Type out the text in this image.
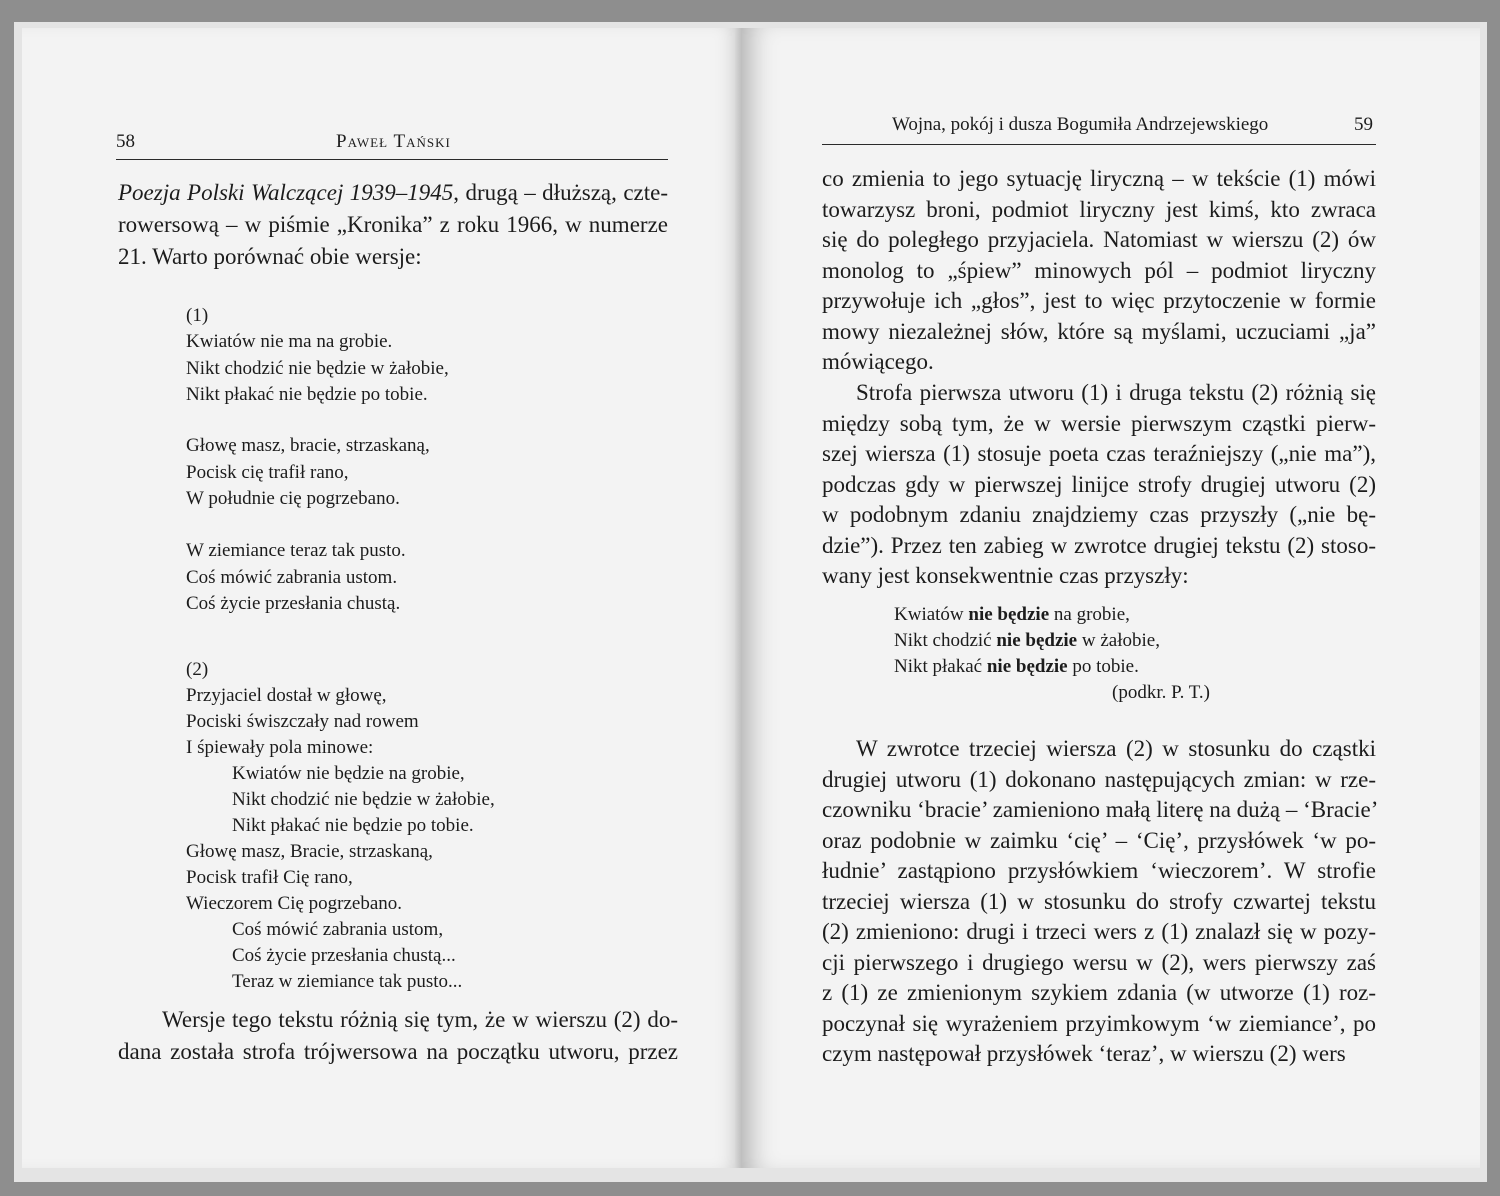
58	Paweł Tański
Poezja Polski Walczącej 1939–1945, drugą – dłuższą, czte-
rowersową – w piśmie „Kronika” z roku 1966, w numerze
21. Warto porównać obie wersje:
(1)
Kwiatów nie ma na grobie.
Nikt chodzić nie będzie w żałobie,
Nikt płakać nie będzie po tobie.
Głowę masz, bracie, strzaskaną,
Pocisk cię trafił rano,
W południe cię pogrzebano.
W ziemiance teraz tak pusto.
Coś mówić zabrania ustom.
Coś życie przesłania chustą.
(2)
Przyjaciel dostał w głowę,
Pociski świszczały nad rowem
I śpiewały pola minowe:
Kwiatów nie będzie na grobie,
Nikt chodzić nie będzie w żałobie,
Nikt płakać nie będzie po tobie.
Głowę masz, Bracie, strzaskaną,
Pocisk trafił Cię rano,
Wieczorem Cię pogrzebano.
Coś mówić zabrania ustom,
Coś życie przesłania chustą...
Teraz w ziemiance tak pusto...
Wersje tego tekstu różnią się tym, że w wierszu (2) do-
dana została strofa trójwersowa na początku utworu, przez
Wojna, pokój i dusza Bogumiła Andrzejewskiego	59
co zmienia to jego sytuację liryczną – w tekście (1) mówi
towarzysz broni, podmiot liryczny jest kimś, kto zwraca
się do poległego przyjaciela. Natomiast w wierszu (2) ów
monolog to „śpiew” minowych pól – podmiot liryczny
przywołuje ich „głos”, jest to więc przytoczenie w formie
mowy niezależnej słów, które są myślami, uczuciami „ja”
mówiącego.
Strofa pierwsza utworu (1) i druga tekstu (2) różnią się
między sobą tym, że w wersie pierwszym cząstki pierw-
szej wiersza (1) stosuje poeta czas teraźniejszy („nie ma”),
podczas gdy w pierwszej linijce strofy drugiej utworu (2)
w podobnym zdaniu znajdziemy czas przyszły („nie bę-
dzie”). Przez ten zabieg w zwrotce drugiej tekstu (2) stoso-
wany jest konsekwentnie czas przyszły:
Kwiatów nie będzie na grobie,
Nikt chodzić nie będzie w żałobie,
Nikt płakać nie będzie po tobie.
(podkr. P. T.)
W zwrotce trzeciej wiersza (2) w stosunku do cząstki
drugiej utworu (1) dokonano następujących zmian: w rze-
czowniku ‘bracie’ zamieniono małą literę na dużą – ‘Bracie’
oraz podobnie w zaimku ‘cię’ – ‘Cię’, przysłówek ‘w po-
łudnie’ zastąpiono przysłówkiem ‘wieczorem’. W strofie
trzeciej wiersza (1) w stosunku do strofy czwartej tekstu
(2) zmieniono: drugi i trzeci wers z (1) znalazł się w pozy-
cji pierwszego i drugiego wersu w (2), wers pierwszy zaś
z (1) ze zmienionym szykiem zdania (w utworze (1) roz-
poczynał się wyrażeniem przyimkowym ‘w ziemiance’, po
czym następował przysłówek ‘teraz’, w wierszu (2) wers
